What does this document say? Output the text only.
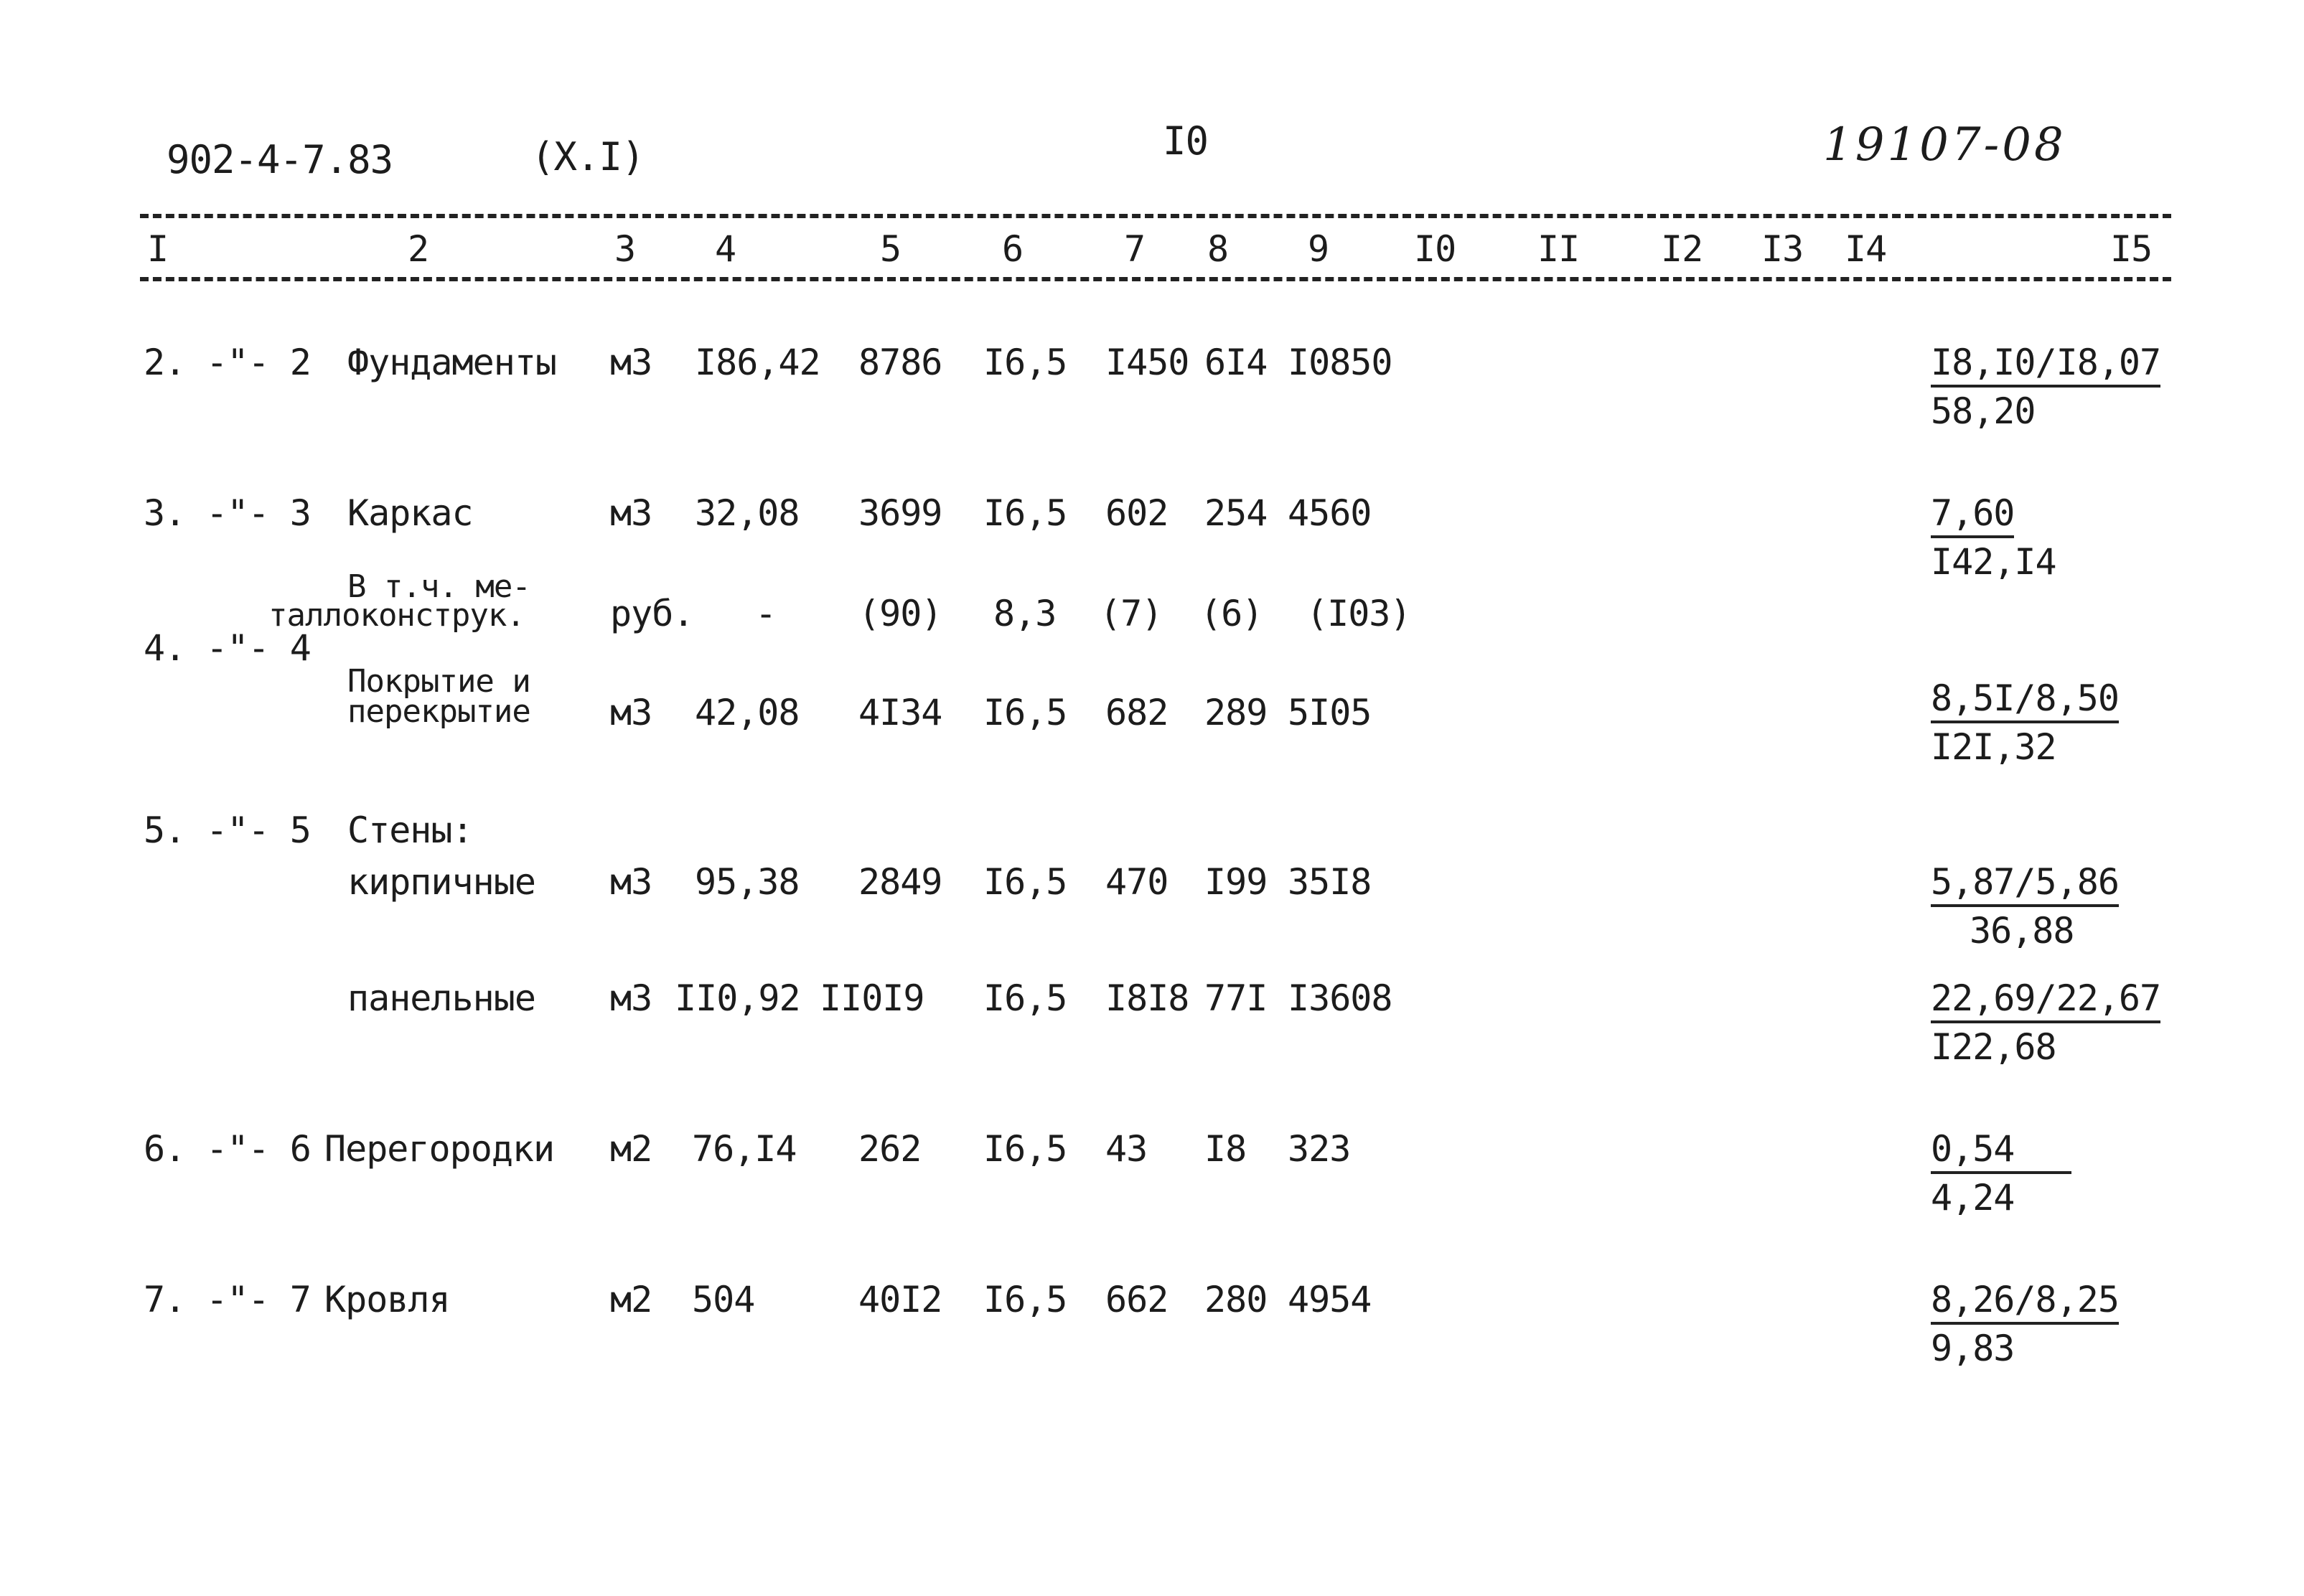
902-4-7.83	(X.I)	I0	19107-08
I	2	3 4	5	6	7 8 9 I0 II I2 I3 I4	I5
2. -"- 2 Фундаменты м3 I86,42 8786 I6,5 I450 6I4 I0850	$\frac{I8,I0/I8,07}{58,20}$
3. -"- 3 Каркас	м3 32,08 3699 I6,5 602 254 4560	$\frac{7,60}{I42,I4}$
В т.ч. ме-
таллоконструк. руб. - (90) 8,3 (7) (6) (I03)
4. -"- 4
Покрытие и
перекрытие м3 42,08 4I34 I6,5 682 289 5I05	$\frac{8,5I/8,50}{I2I,32}$
5. -"- 5 Стены:
кирпичные м3 95,38 2849 I6,5 470 I99 35I8	$\frac{5,87/5,86}{36,88}$
панельные м3 II0,92 II0I9 I6,5 I8I8 77I I3608	$\frac{22,69/22,67}{I22,68}$
6. -"- 6 Перегородки м2 76,I4 262 I6,5 43 I8 323	$\frac{0,54}{4,24}$
7. -"- 7 Кровля	м2 504	40I2 I6,5 662 280 4954	$\frac{8,26/8,25}{9,83}$
